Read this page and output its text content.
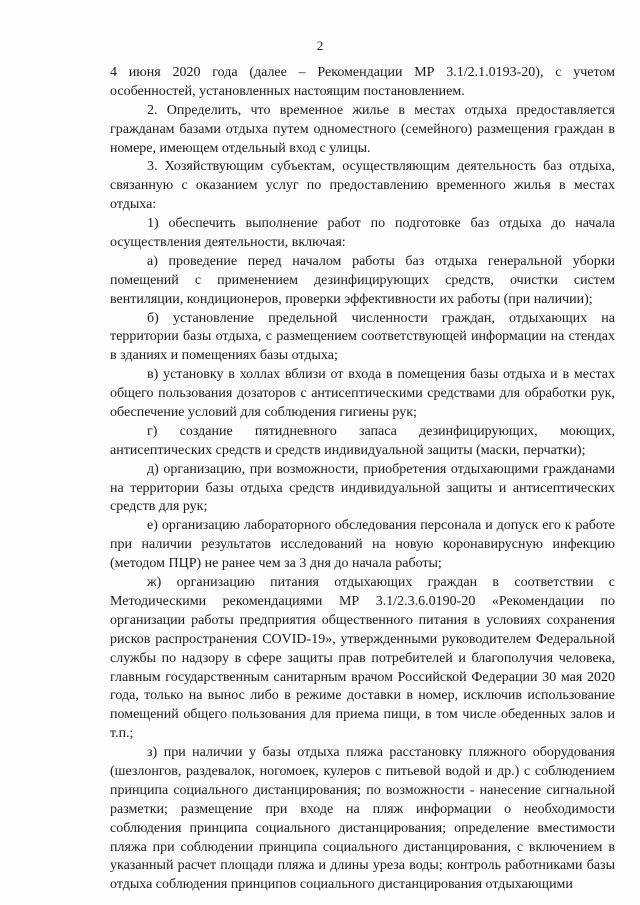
2

4 июня 2020 года (далее – Рекомендации МР 3.1/2.1.0193-20), с учетом особенностей, установленных настоящим постановлением.

2. Определить, что временное жилье в местах отдыха предоставляется гражданам базами отдыха путем одноместного (семейного) размещения граждан в номере, имеющем отдельный вход с улицы.

3. Хозяйствующим субъектам, осуществляющим деятельность баз отдыха, связанную с оказанием услуг по предоставлению временного жилья в местах отдыха:

1) обеспечить выполнение работ по подготовке баз отдыха до начала осуществления деятельности, включая:

а) проведение перед началом работы баз отдыха генеральной уборки помещений с применением дезинфицирующих средств, очистки систем вентиляции, кондиционеров, проверки эффективности их работы (при наличии);

б) установление предельной численности граждан, отдыхающих на территории базы отдыха, с размещением соответствующей информации на стендах в зданиях и помещениях базы отдыха;

в) установку в холлах вблизи от входа в помещения базы отдыха и в местах общего пользования дозаторов с антисептическими средствами для обработки рук, обеспечение условий для соблюдения гигиены рук;

г) создание пятидневного запаса дезинфицирующих, моющих, антисептических средств и средств индивидуальной защиты (маски, перчатки);

д) организацию, при возможности, приобретения отдыхающими гражданами на территории базы отдыха средств индивидуальной защиты и антисептических средств для рук;

е) организацию лабораторного обследования персонала и допуск его к работе при наличии результатов исследований на новую коронавирусную инфекцию (методом ПЦР) не ранее чем за 3 дня до начала работы;

ж) организацию питания отдыхающих граждан в соответствии с Методическими рекомендациями МР 3.1/2.3.6.0190-20 «Рекомендации по организации работы предприятия общественного питания в условиях сохранения рисков распространения COVID-19», утвержденными руководителем Федеральной службы по надзору в сфере защиты прав потребителей и благополучия человека, главным государственным санитарным врачом Российской Федерации 30 мая 2020 года, только на вынос либо в режиме доставки в номер, исключив использование помещений общего пользования для приема пищи, в том числе обеденных залов и т.п.;

з) при наличии у базы отдыха пляжа расстановку пляжного оборудования (шезлонгов, раздевалок, ногомоек, кулеров с питьевой водой и др.) с соблюдением принципа социального дистанцирования; по возможности - нанесение сигнальной разметки; размещение при входе на пляж информации о необходимости соблюдения принципа социального дистанцирования; определение вместимости пляжа при соблюдении принципа социального дистанцирования, с включением в указанный расчет площади пляжа и длины уреза воды; контроль работниками базы отдыха соблюдения принципов социального дистанцирования отдыхающими
